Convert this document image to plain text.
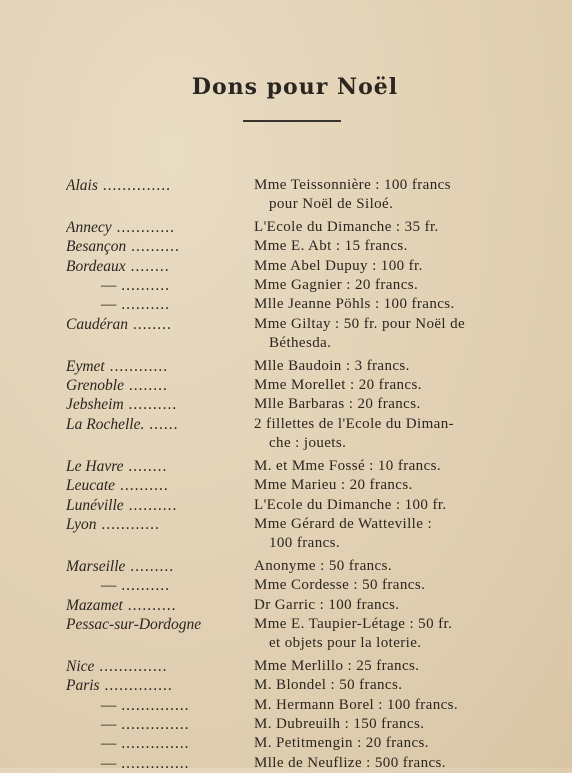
Dons pour Noël
Alais ..............	Mme Teissonnière : 100 francs
pour Noël de Siloé.
Annecy ............	L'Ecole du Dimanche : 35 fr.
Besançon ..........	Mme E. Abt : 15 francs.
Bordeaux ........	Mme Abel Dupuy : 100 fr.
— ..........	Mme Gagnier : 20 francs.
— ..........	Mlle Jeanne Pöhls : 100 francs.
Caudéran ........	Mme Giltay : 50 fr. pour Noël de
Béthesda.
Eymet ............	Mlle Baudoin : 3 francs.
Grenoble ........	Mme Morellet : 20 francs.
Jebsheim ..........	Mlle Barbaras : 20 francs.
La Rochelle. ......	2 fillettes de l'Ecole du Diman-
che : jouets.
Le Havre ........	M. et Mme Fossé : 10 francs.
Leucate ..........	Mme Marieu : 20 francs.
Lunéville ..........	L'Ecole du Dimanche : 100 fr.
Lyon ............	Mme Gérard de Watteville :
100 francs.
Marseille .........	Anonyme : 50 francs.
— ..........	Mme Cordesse : 50 francs.
Mazamet ..........	Dr Garric : 100 francs.
Pessac-sur-Dordogne	Mme E. Taupier-Létage : 50 fr.
et objets pour la loterie.
Nice ..............	Mme Merlillo : 25 francs.
Paris ..............	M. Blondel : 50 francs.
— ..............	M. Hermann Borel : 100 francs.
— ..............	M. Dubreuilh : 150 francs.
— ..............	M. Petitmengin : 20 francs.
— ..............	Mlle de Neuflize : 500 francs.
